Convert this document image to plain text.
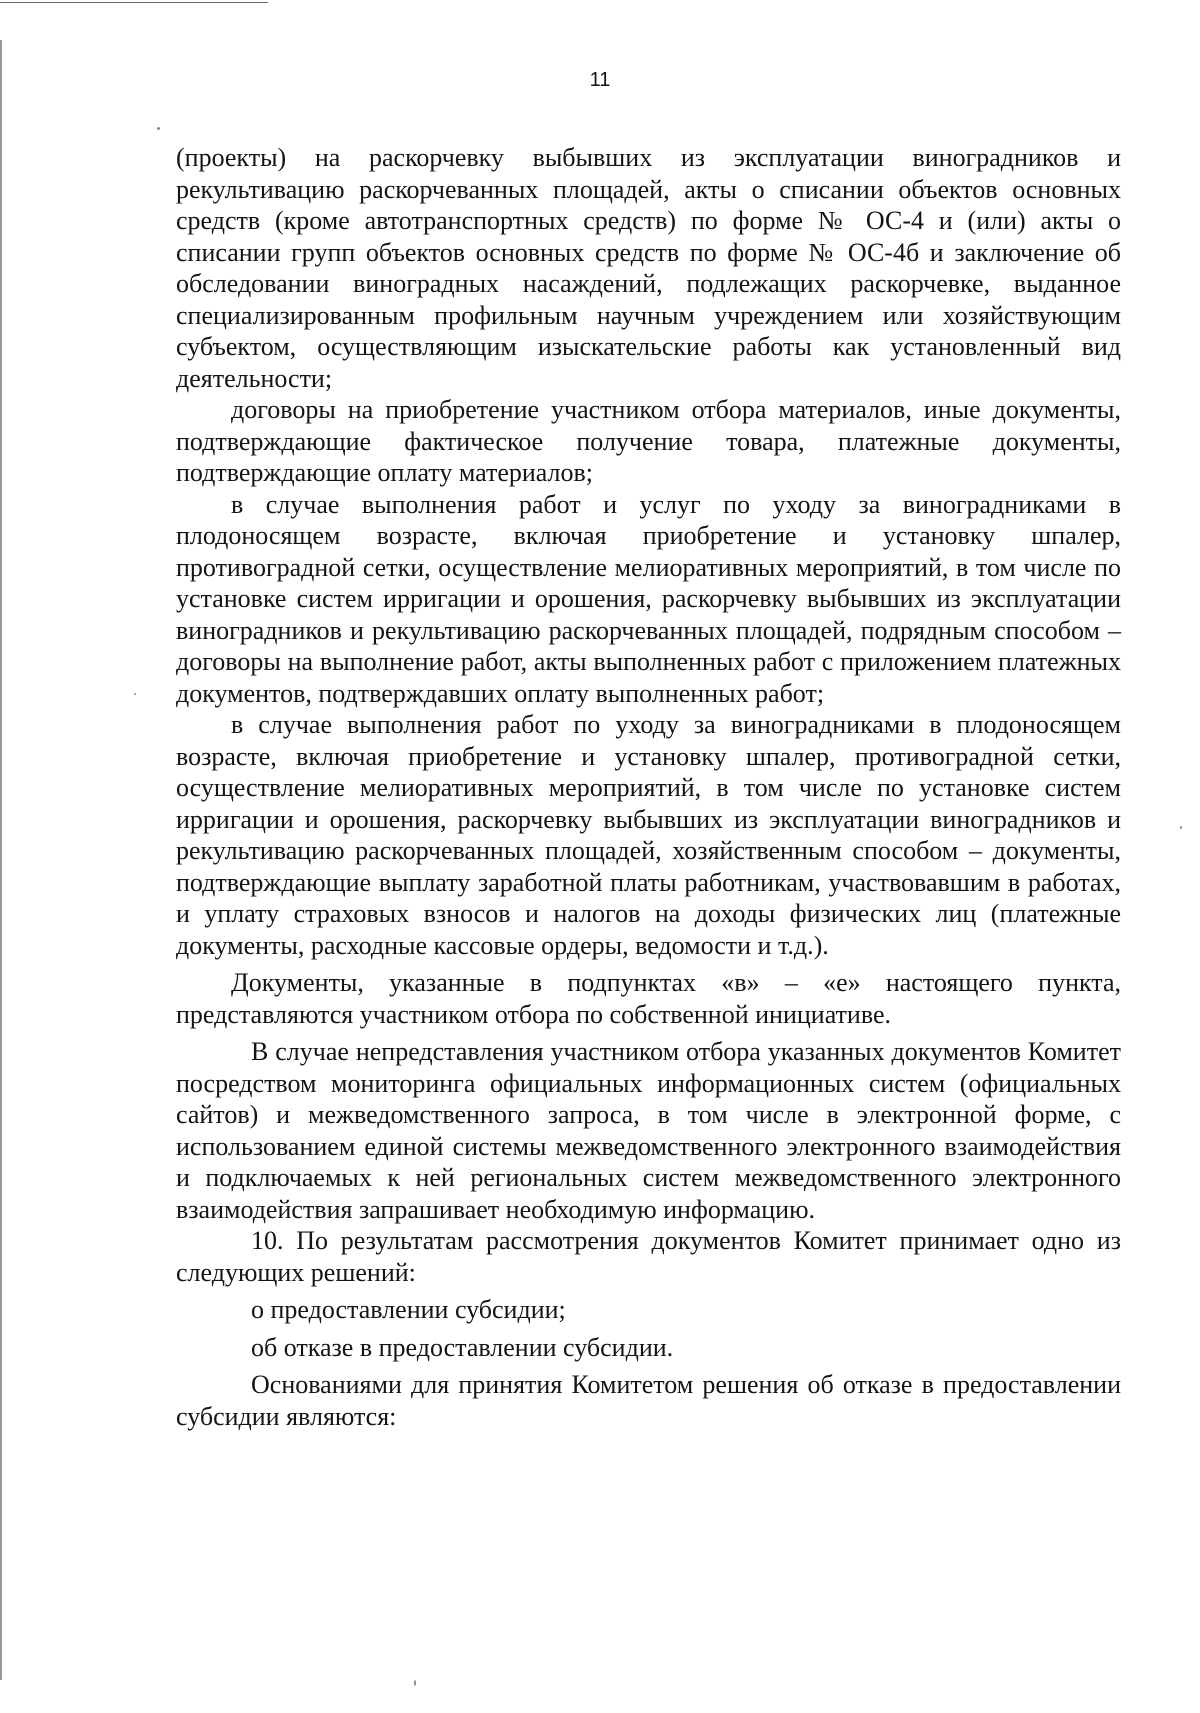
11

(проекты) на раскорчевку выбывших из эксплуатации виноградников и рекультивацию раскорчеванных площадей, акты о списании объектов основных средств (кроме автотранспортных средств) по форме № ОС-4 и (или) акты о списании групп объектов основных средств по форме № ОС-4б и заключение об обследовании виноградных насаждений, подлежащих раскорчевке, выданное специализированным профильным научным учреждением или хозяйствующим субъектом, осуществляющим изыскательские работы как установленный вид деятельности;

договоры на приобретение участником отбора материалов, иные документы, подтверждающие фактическое получение товара, платежные документы, подтверждающие оплату материалов;

в случае выполнения работ и услуг по уходу за виноградниками в плодоносящем возрасте, включая приобретение и установку шпалер, противоградной сетки, осуществление мелиоративных мероприятий, в том числе по установке систем ирригации и орошения, раскорчевку выбывших из эксплуатации виноградников и рекультивацию раскорчеванных площадей, подрядным способом – договоры на выполнение работ, акты выполненных работ с приложением платежных документов, подтверждавших оплату выполненных работ;

в случае выполнения работ по уходу за виноградниками в плодоносящем возрасте, включая приобретение и установку шпалер, противоградной сетки, осуществление мелиоративных мероприятий, в том числе по установке систем ирригации и орошения, раскорчевку выбывших из эксплуатации виноградников и рекультивацию раскорчеванных площадей, хозяйственным способом – документы, подтверждающие выплату заработной платы работникам, участвовавшим в работах, и уплату страховых взносов и налогов на доходы физических лиц (платежные документы, расходные кассовые ордеры, ведомости и т.д.).

Документы, указанные в подпунктах «в» – «е» настоящего пункта, представляются участником отбора по собственной инициативе.

В случае непредставления участником отбора указанных документов Комитет посредством мониторинга официальных информационных систем (официальных сайтов) и межведомственного запроса, в том числе в электронной форме, с использованием единой системы межведомственного электронного взаимодействия и подключаемых к ней региональных систем межведомственного электронного взаимодействия запрашивает необходимую информацию.

10. По результатам рассмотрения документов Комитет принимает одно из следующих решений:

о предоставлении субсидии;

об отказе в предоставлении субсидии.

Основаниями для принятия Комитетом решения об отказе в предоставлении субсидии являются:
